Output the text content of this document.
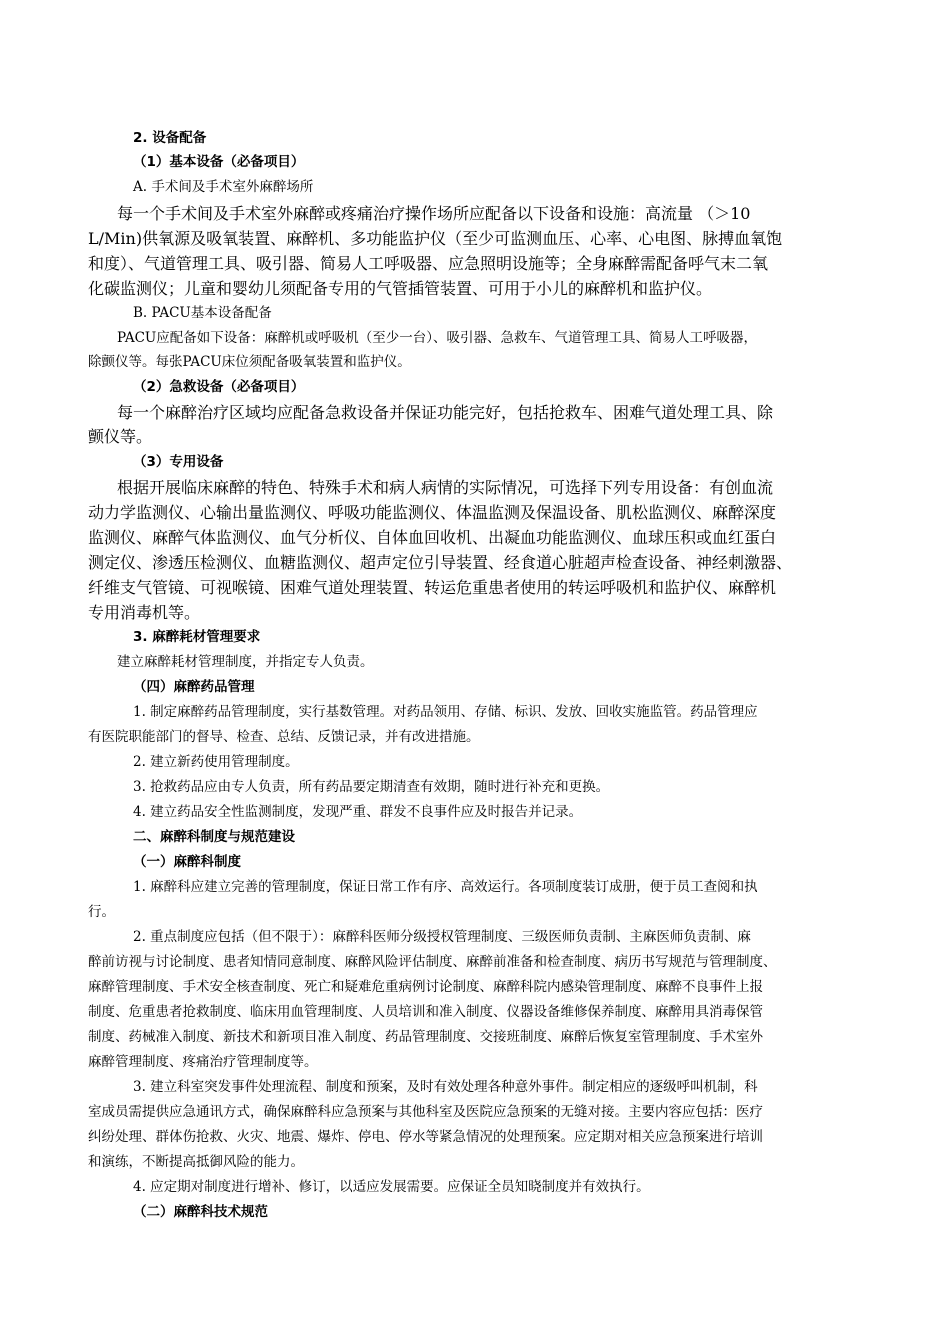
2. 设备配备
（1）基本设备（必备项目）
A. 手术间及手术室外麻醉场所
每一个手术间及手术室外麻醉或疼痛治疗操作场所应配备以下设备和设施：高流量 （＞10
L/Min)供氧源及吸氧装置、麻醉机、多功能监护仪（至少可监测血压、心率、心电图、脉搏血氧饱
和度）、气道管理工具、吸引器、简易人工呼吸器、应急照明设施等；全身麻醉需配备呼气末二氧
化碳监测仪；儿童和婴幼儿须配备专用的气管插管装置、可用于小儿的麻醉机和监护仪。
B. PACU基本设备配备
PACU应配备如下设备：麻醉机或呼吸机（至少一台）、吸引器、急救车、气道管理工具、简易人工呼吸器，
除颤仪等。每张PACU床位须配备吸氧装置和监护仪。
（2）急救设备（必备项目）
每一个麻醉治疗区域均应配备急救设备并保证功能完好，包括抢救车、困难气道处理工具、除
颤仪等。
（3）专用设备
根据开展临床麻醉的特色、特殊手术和病人病情的实际情况，可选择下列专用设备：有创血流
动力学监测仪、心输出量监测仪、呼吸功能监测仪、体温监测及保温设备、肌松监测仪、麻醉深度
监测仪、麻醉气体监测仪、血气分析仪、自体血回收机、出凝血功能监测仪、血球压积或血红蛋白
测定仪、渗透压检测仪、血糖监测仪、超声定位引导装置、经食道心脏超声检查设备、神经刺激器、
纤维支气管镜、可视喉镜、困难气道处理装置、转运危重患者使用的转运呼吸机和监护仪、麻醉机
专用消毒机等。
3. 麻醉耗材管理要求
建立麻醉耗材管理制度，并指定专人负责。
（四）麻醉药品管理
1. 制定麻醉药品管理制度，实行基数管理。对药品领用、存储、标识、发放、回收实施监管。药品管理应
有医院职能部门的督导、检查、总结、反馈记录，并有改进措施。
2. 建立新药使用管理制度。
3. 抢救药品应由专人负责，所有药品要定期清查有效期，随时进行补充和更换。
4. 建立药品安全性监测制度，发现严重、群发不良事件应及时报告并记录。
二、麻醉科制度与规范建设
（一）麻醉科制度
1. 麻醉科应建立完善的管理制度，保证日常工作有序、高效运行。各项制度装订成册，便于员工查阅和执
行。
2. 重点制度应包括（但不限于）：麻醉科医师分级授权管理制度、三级医师负责制、主麻医师负责制、麻
醉前访视与讨论制度、患者知情同意制度、麻醉风险评估制度、麻醉前准备和检查制度、病历书写规范与管理制度、
麻醉管理制度、手术安全核查制度、死亡和疑难危重病例讨论制度、麻醉科院内感染管理制度、麻醉不良事件上报
制度、危重患者抢救制度、临床用血管理制度、人员培训和准入制度、仪器设备维修保养制度、麻醉用具消毒保管
制度、药械准入制度、新技术和新项目准入制度、药品管理制度、交接班制度、麻醉后恢复室管理制度、手术室外
麻醉管理制度、疼痛治疗管理制度等。
3. 建立科室突发事件处理流程、制度和预案，及时有效处理各种意外事件。制定相应的逐级呼叫机制，科
室成员需提供应急通讯方式，确保麻醉科应急预案与其他科室及医院应急预案的无缝对接。主要内容应包括：医疗
纠纷处理、群体伤抢救、火灾、地震、爆炸、停电、停水等紧急情况的处理预案。应定期对相关应急预案进行培训
和演练，不断提高抵御风险的能力。
4. 应定期对制度进行增补、修订，以适应发展需要。应保证全员知晓制度并有效执行。
（二）麻醉科技术规范
